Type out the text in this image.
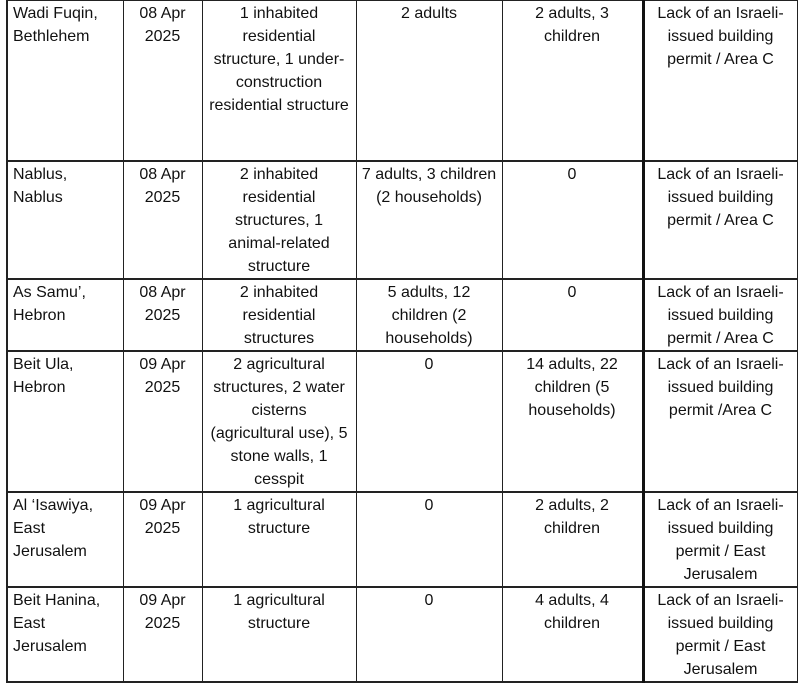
Wadi Fuqin, Bethlehem	08 Apr 2025	1 inhabited residential structure, 1 under-construction residential structure	2 adults	2 adults, 3 children	Lack of an Israeli-issued building permit / Area C
Nablus, Nablus	08 Apr 2025	2 inhabited residential structures, 1 animal-related structure	7 adults, 3 children (2 households)	0	Lack of an Israeli-issued building permit / Area C
As Samu’, Hebron	08 Apr 2025	2 inhabited residential structures	5 adults, 12 children (2 households)	0	Lack of an Israeli-issued building permit / Area C
Beit Ula, Hebron	09 Apr 2025	2 agricultural structures, 2 water cisterns (agricultural use), 5 stone walls, 1 cesspit	0	14 adults, 22 children (5 households)	Lack of an Israeli-issued building permit /Area C
Al ‘Isawiya, East Jerusalem	09 Apr 2025	1 agricultural structure	0	2 adults, 2 children	Lack of an Israeli-issued building permit / East Jerusalem
Beit Hanina, East Jerusalem	09 Apr 2025	1 agricultural structure	0	4 adults, 4 children	Lack of an Israeli-issued building permit / East Jerusalem
